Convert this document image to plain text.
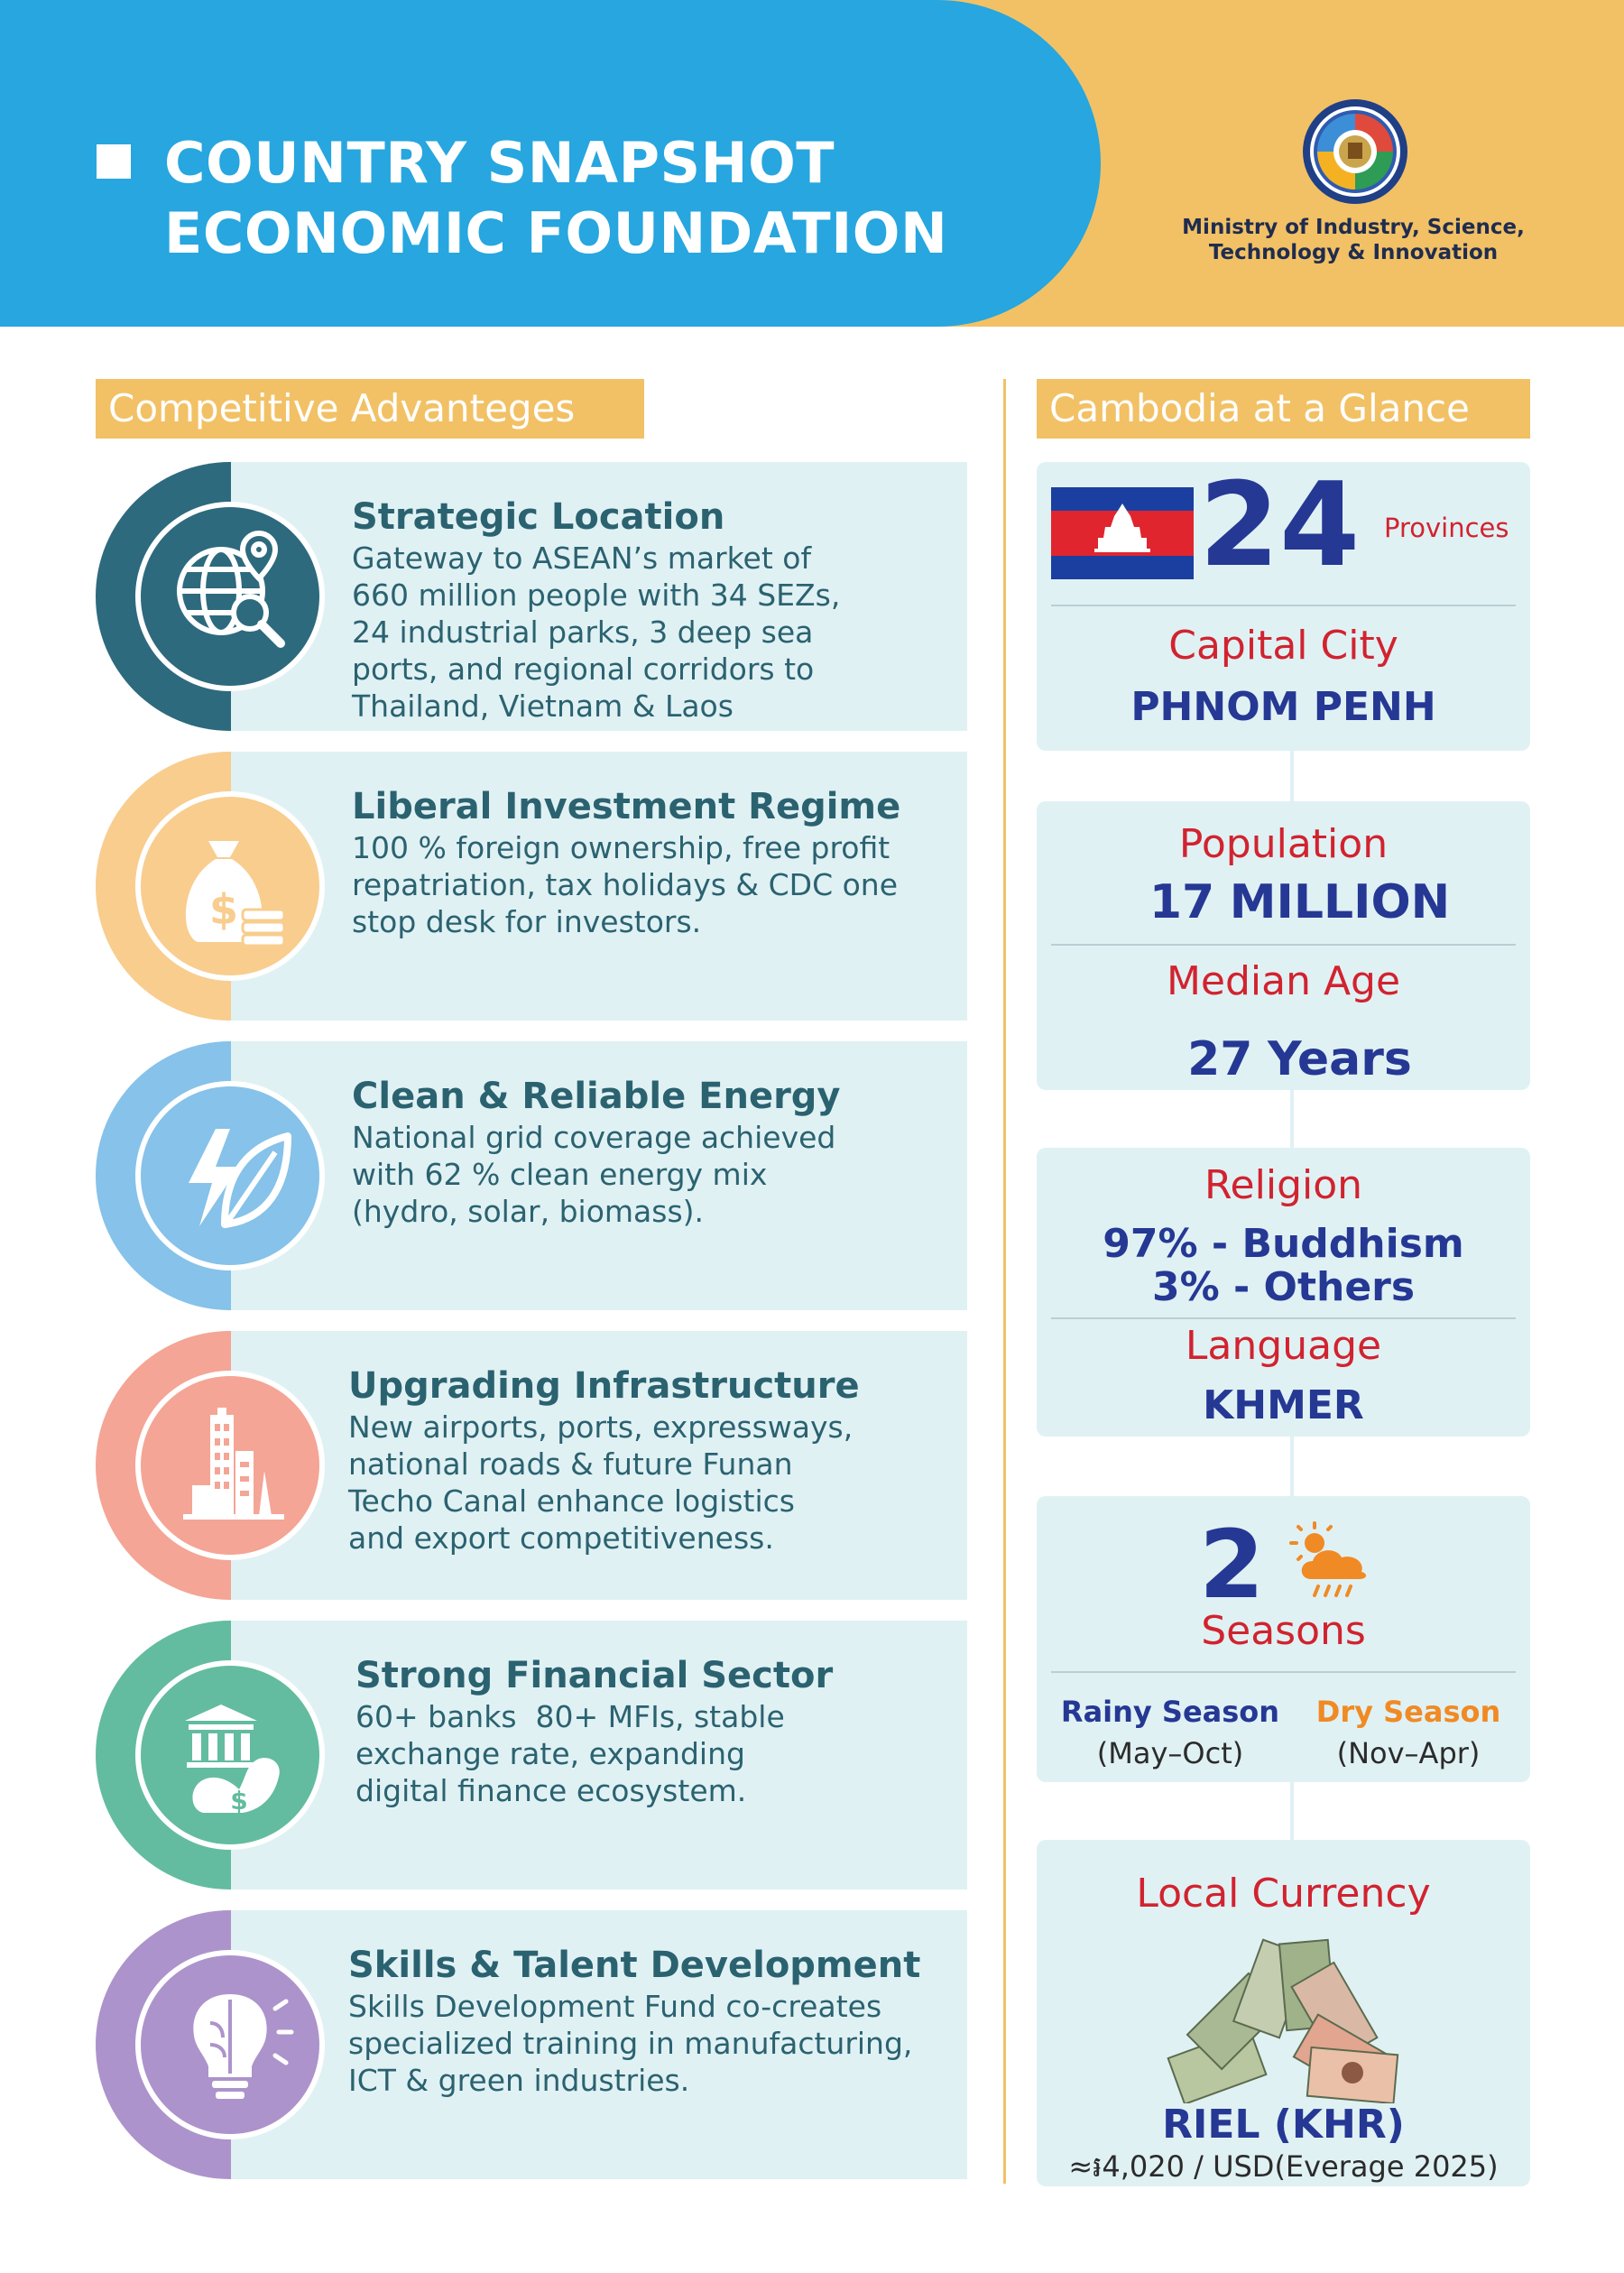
COUNTRY SNAPSHOT
ECONOMIC FOUNDATION	Ministry of Industry, Science,
Technology & Innovation
Competitive Advanteges	Cambodia at a Glance
Strategic Location
Gateway to ASEAN’s market of
660 million people with 34 SEZs,
24 industrial parks, 3 deep sea
ports, and regional corridors to
Thailand, Vietnam & Laos
$
Liberal Investment Regime
100 % foreign ownership, free profit
repatriation, tax holidays & CDC one
stop desk for investors.
Clean & Reliable Energy
National grid coverage achieved
with 62 % clean energy mix
(hydro, solar, biomass).
Upgrading Infrastructure
New airports, ports, expressways,
national roads & future Funan
Techo Canal enhance logistics
and export competitiveness.
$
Strong Financial Sector
60+ banks  80+ MFIs, stable
exchange rate, expanding
digital finance ecosystem.
Skills & Talent Development
Skills Development Fund co-creates
specialized training in manufacturing,
ICT & green industries.
24 Provinces
Capital City
PHNOM PENH
Population
17 MILLION
Median Age
27 Years
Religion
97% - Buddhism
3% - Others
Language
KHMER
2
Seasons
Rainy Season
(May–Oct)
Dry Season
(Nov–Apr)
Local Currency
RIEL (KHR)
≈៛4,020 / USD(Everage 2025)
